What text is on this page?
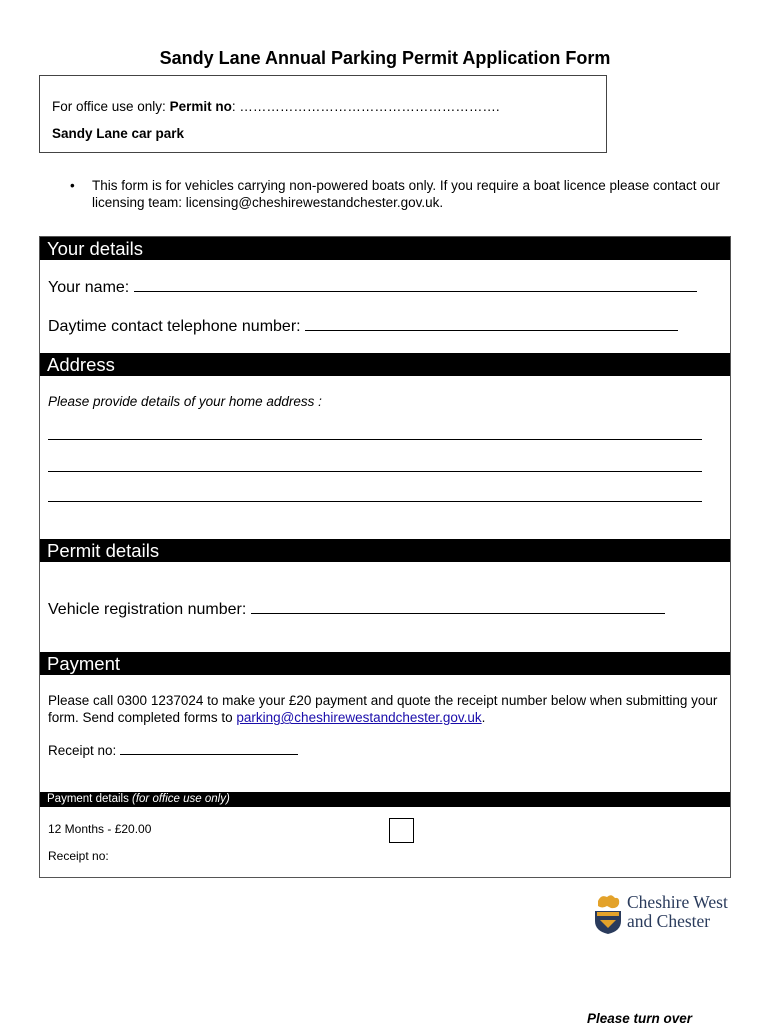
Sandy Lane Annual Parking Permit Application Form
For office use only: Permit no: ………………………………………………….
Sandy Lane car park
• This form is for vehicles carrying non-powered boats only. If you require a boat licence please contact our licensing team: licensing@cheshirewestandchester.gov.uk.
Your details
Your name:
Daytime contact telephone number:
Address
Please provide details of your home address :
Permit details
Vehicle registration number:
Payment
Please call 0300 1237024 to make your £20 payment and quote the receipt number below when submitting your form. Send completed forms to parking@cheshirewestandchester.gov.uk.
Receipt no:
Payment details (for office use only)
12 Months - £20.00
Receipt no:
Cheshire West
and Chester
Please turn over
